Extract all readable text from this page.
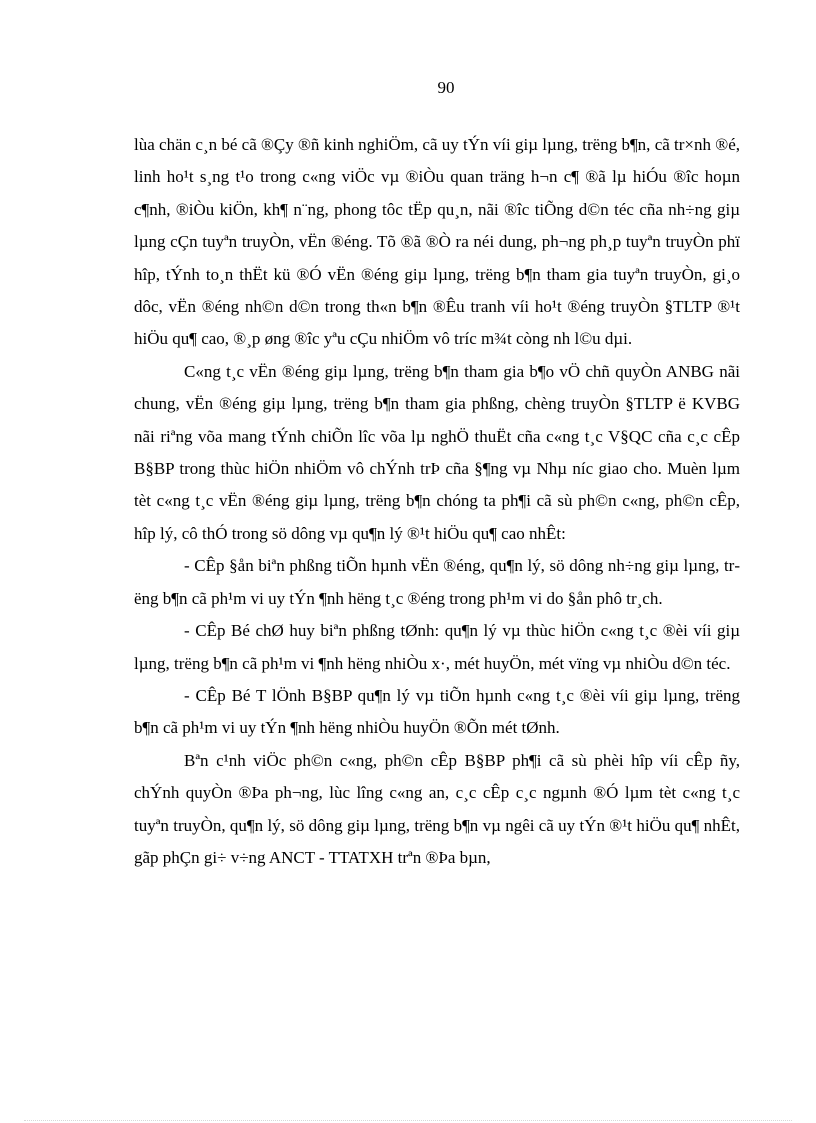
90

lùa chän c¸n bé cã ®Çy ®ñ kinh nghiÖm, cã uy tÝn víi giµ lµng, trëng b¶n, cã tr×nh ®é, linh ho¹t s¸ng t¹o trong c«ng viÖc vµ ®iÒu quan träng h¬n c¶ ®ã lµ hiÓu ®îc hoµn c¶nh, ®iÒu kiÖn, kh¶ n¨ng, phong tôc tËp qu¸n, nãi ®îc tiÕng d©n téc cña nh÷ng giµ lµng cÇn tuyªn truyÒn, vËn ®éng. Tõ ®ã ®Ò ra néi dung, ph¬ng ph¸p tuyªn truyÒn phï hîp, tÝnh to¸n thËt kü ®Ó vËn ®éng giµ lµng, trëng b¶n tham gia tuyªn truyÒn, gi¸o dôc, vËn ®éng nh©n d©n trong th«n b¶n ®Êu tranh víi ho¹t ®éng truyÒn §TLTP ®¹t hiÖu qu¶ cao, ®¸p øng ®îc yªu cÇu nhiÖm vô tríc m¾t còng nh l©u dµi.

C«ng t¸c vËn ®éng giµ lµng, trëng b¶n tham gia b¶o vÖ chñ quyÒn ANBG nãi chung, vËn ®éng giµ lµng, trëng b¶n tham gia phßng, chèng truyÒn §TLTP ë KVBG nãi riªng võa mang tÝnh chiÕn lîc võa lµ nghÖ thuËt cña c«ng t¸c V§QC cña c¸c cÊp B§BP trong thùc hiÖn nhiÖm vô chÝnh trÞ cña §¶ng vµ Nhµ níc giao cho. Muèn lµm tèt c«ng t¸c vËn ®éng giµ lµng, trëng b¶n chóng ta ph¶i cã sù ph©n c«ng, ph©n cÊp, hîp lý, cô thÓ trong sö dông vµ qu¶n lý ®¹t hiÖu qu¶ cao nhÊt:

- CÊp §ån biªn phßng tiÕn hµnh vËn ®éng, qu¶n lý, sö dông nh÷ng giµ lµng, trëng b¶n cã ph¹m vi uy tÝn ¶nh hëng t¸c ®éng trong ph¹m vi do §ån phô tr¸ch.

- CÊp Bé chØ huy biªn phßng tØnh: qu¶n lý vµ thùc hiÖn c«ng t¸c ®èi víi giµ lµng, trëng b¶n cã ph¹m vi ¶nh hëng nhiÒu x·, mét huyÖn, mét vïng vµ nhiÒu d©n téc.

- CÊp Bé T lÖnh B§BP qu¶n lý vµ tiÕn hµnh c«ng t¸c ®èi víi giµ lµng, trëng b¶n cã ph¹m vi uy tÝn ¶nh hëng nhiÒu huyÖn ®Õn mét tØnh.

Bªn c¹nh viÖc ph©n c«ng, ph©n cÊp B§BP ph¶i cã sù phèi hîp víi cÊp ñy, chÝnh quyÒn ®Þa ph¬ng, lùc lîng c«ng an, c¸c cÊp c¸c ngµnh ®Ó lµm tèt c«ng t¸c tuyªn truyÒn, qu¶n lý, sö dông giµ lµng, trëng b¶n vµ ngêi cã uy tÝn ®¹t hiÖu qu¶ nhÊt, gãp phÇn gi÷ v÷ng ANCT - TTATXH trªn ®Þa bµn,
